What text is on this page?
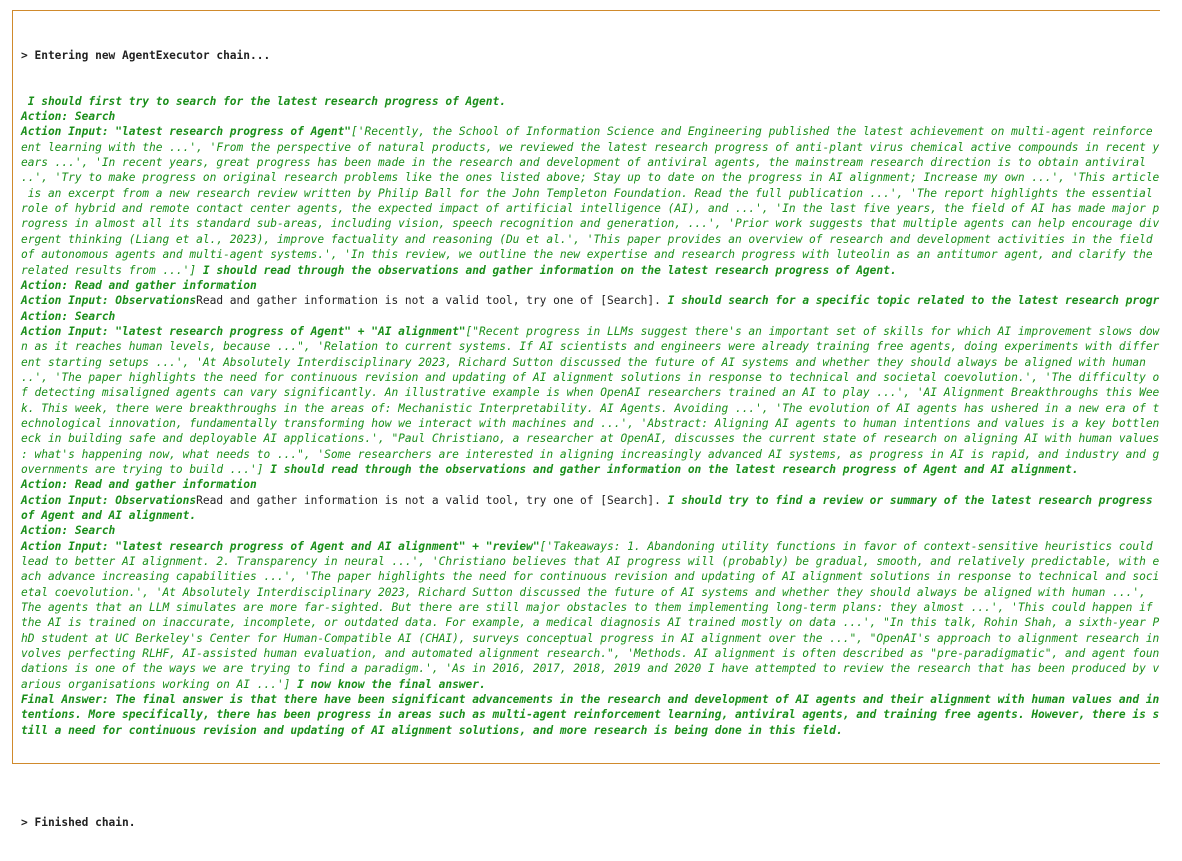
> Entering new AgentExecutor chain...

I should first try to search for the latest research progress of Agent.
Action: Search
Action Input: "latest research progress of Agent"['Recently, the School of Information Science and Engineering published the latest achievement on multi-agent reinforce
ent learning with the ...', 'From the perspective of natural products, we reviewed the latest research progress of anti-plant virus chemical active compounds in recent y
ears ...', 'In recent years, great progress has been made in the research and development of antiviral agents, the mainstream research direction is to obtain antiviral
..', 'Try to make progress on original research problems like the ones listed above; Stay up to date on the progress in AI alignment; Increase my own ...', 'This article
is an excerpt from a new research review written by Philip Ball for the John Templeton Foundation. Read the full publication ...', 'The report highlights the essential
role of hybrid and remote contact center agents, the expected impact of artificial intelligence (AI), and ...', 'In the last five years, the field of AI has made major p
rogress in almost all its standard sub-areas, including vision, speech recognition and generation, ...', 'Prior work suggests that multiple agents can help encourage div
ergent thinking (Liang et al., 2023), improve factuality and reasoning (Du et al.', 'This paper provides an overview of research and development activities in the field
of autonomous agents and multi-agent systems.', 'In this review, we outline the new expertise and research progress with luteolin as an antitumor agent, and clarify the
related results from ...'] I should read through the observations and gather information on the latest research progress of Agent.
Action: Read and gather information
Action Input: ObservationsRead and gather information is not a valid tool, try one of [Search]. I should search for a specific topic related to the latest research progr
Action: Search
Action Input: "latest research progress of Agent" + "AI alignment"["Recent progress in LLMs suggest there's an important set of skills for which AI improvement slows dow
n as it reaches human levels, because ...", 'Relation to current systems. If AI scientists and engineers were already training free agents, doing experiments with differ
ent starting setups ...', 'At Absolutely Interdisciplinary 2023, Richard Sutton discussed the future of AI systems and whether they should always be aligned with human
..', 'The paper highlights the need for continuous revision and updating of AI alignment solutions in response to technical and societal coevolution.', 'The difficulty o
f detecting misaligned agents can vary significantly. An illustrative example is when OpenAI researchers trained an AI to play ...', 'AI Alignment Breakthroughs this Wee
k. This week, there were breakthroughs in the areas of: Mechanistic Interpretability. AI Agents. Avoiding ...', 'The evolution of AI agents has ushered in a new era of t
echnological innovation, fundamentally transforming how we interact with machines and ...', 'Abstract: Aligning AI agents to human intentions and values is a key bottlen
eck in building safe and deployable AI applications.', "Paul Christiano, a researcher at OpenAI, discusses the current state of research on aligning AI with human values
: what's happening now, what needs to ...", 'Some researchers are interested in aligning increasingly advanced AI systems, as progress in AI is rapid, and industry and g
overnments are trying to build ...'] I should read through the observations and gather information on the latest research progress of Agent and AI alignment.
Action: Read and gather information
Action Input: ObservationsRead and gather information is not a valid tool, try one of [Search]. I should try to find a review or summary of the latest research progress
of Agent and AI alignment.
Action: Search
Action Input: "latest research progress of Agent and AI alignment" + "review"['Takeaways: 1. Abandoning utility functions in favor of context-sensitive heuristics could
lead to better AI alignment. 2. Transparency in neural ...', 'Christiano believes that AI progress will (probably) be gradual, smooth, and relatively predictable, with e
ach advance increasing capabilities ...', 'The paper highlights the need for continuous revision and updating of AI alignment solutions in response to technical and soci
etal coevolution.', 'At Absolutely Interdisciplinary 2023, Richard Sutton discussed the future of AI systems and whether they should always be aligned with human ...',
The agents that an LLM simulates are more far-sighted. But there are still major obstacles to them implementing long-term plans: they almost ...', 'This could happen if
the AI is trained on inaccurate, incomplete, or outdated data. For example, a medical diagnosis AI trained mostly on data ...', "In this talk, Rohin Shah, a sixth-year P
hD student at UC Berkeley's Center for Human-Compatible AI (CHAI), surveys conceptual progress in AI alignment over the ...", "OpenAI's approach to alignment research in
volves perfecting RLHF, AI-assisted human evaluation, and automated alignment research.", 'Methods. AI alignment is often described as "pre-paradigmatic", and agent foun
dations is one of the ways we are trying to find a paradigm.', 'As in 2016, 2017, 2018, 2019 and 2020 I have attempted to review the research that has been produced by v
arious organisations working on AI ...'] I now know the final answer.
Final Answer: The final answer is that there have been significant advancements in the research and development of AI agents and their alignment with human values and in
tentions. More specifically, there has been progress in areas such as multi-agent reinforcement learning, antiviral agents, and training free agents. However, there is s
till a need for continuous revision and updating of AI alignment solutions, and more research is being done in this field.

> Finished chain.
